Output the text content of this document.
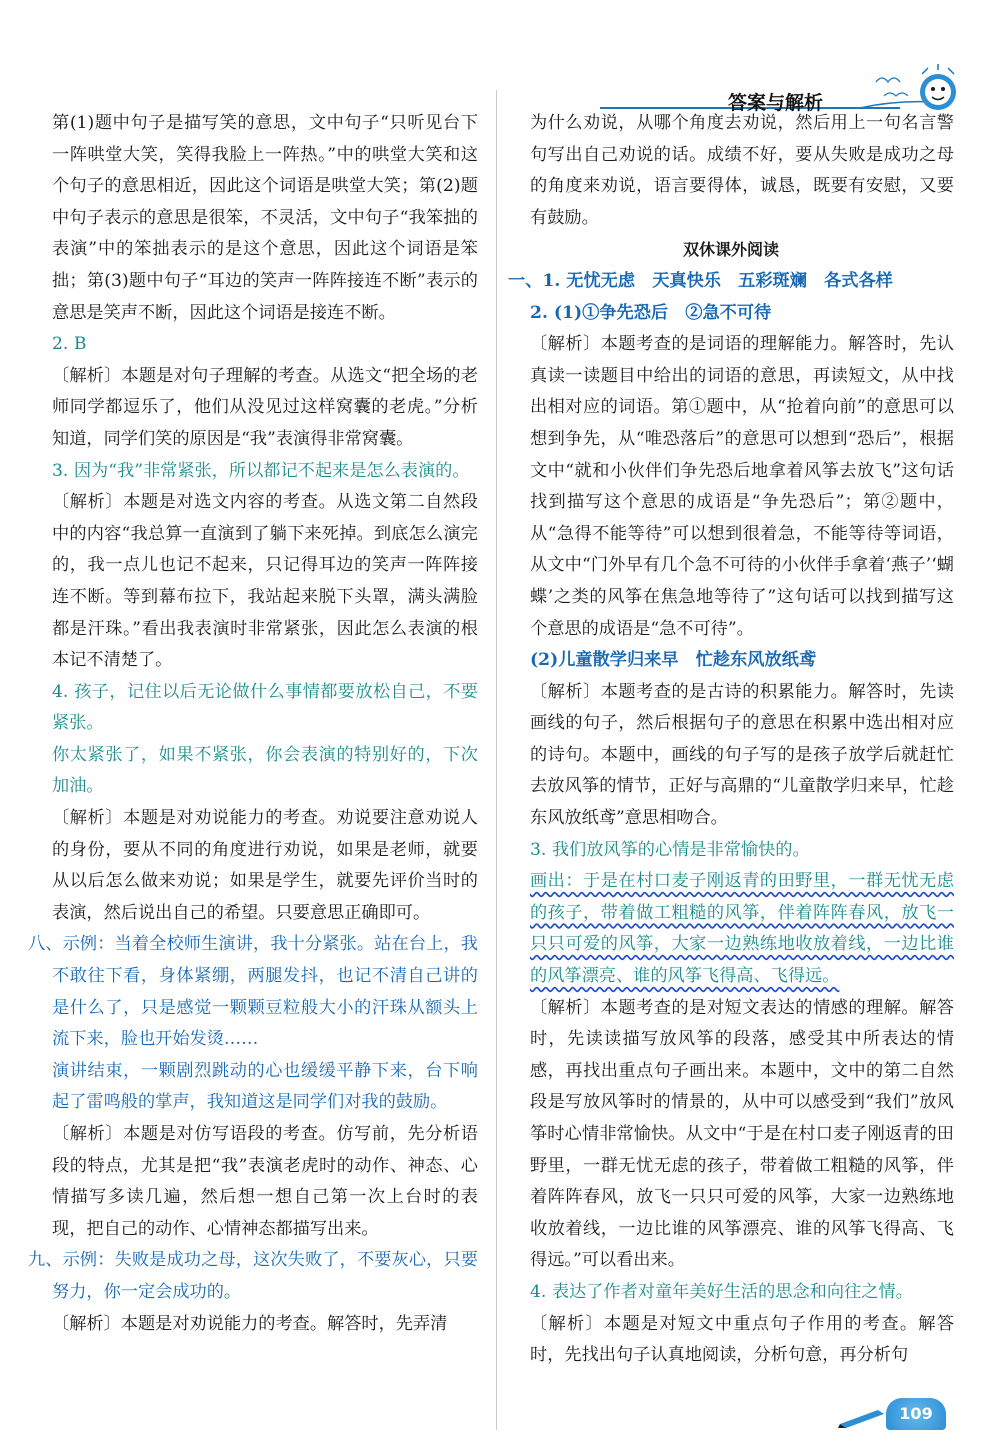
答案与解析

第(1)题中句子是描写笑的意思，文中句子“只听见台下一阵哄堂大笑，笑得我脸上一阵热。”中的哄堂大笑和这个句子的意思相近，因此这个词语是哄堂大笑；第(2)题中句子表示的意思是很笨，不灵活，文中句子“我笨拙的表演”中的笨拙表示的是这个意思，因此这个词语是笨拙；第(3)题中句子“耳边的笑声一阵阵接连不断”表示的意思是笑声不断，因此这个词语是接连不断。

2. B

〔解析〕本题是对句子理解的考查。从选文“把全场的老师同学都逗乐了，他们从没见过这样窝囊的老虎。”分析知道，同学们笑的原因是“我”表演得非常窝囊。

3. 因为“我”非常紧张，所以都记不起来是怎么表演的。

〔解析〕本题是对选文内容的考查。从选文第二自然段中的内容“我总算一直演到了躺下来死掉。到底怎么演完的，我一点儿也记不起来，只记得耳边的笑声一阵阵接连不断。等到幕布拉下，我站起来脱下头罩，满头满脸都是汗珠。”看出我表演时非常紧张，因此怎么表演的根本记不清楚了。

4. 孩子，记住以后无论做什么事情都要放松自己，不要紧张。

你太紧张了，如果不紧张，你会表演的特别好的，下次加油。

〔解析〕本题是对劝说能力的考查。劝说要注意劝说人的身份，要从不同的角度进行劝说，如果是老师，就要从以后怎么做来劝说；如果是学生，就要先评价当时的表演，然后说出自己的希望。只要意思正确即可。

八、示例：当着全校师生演讲，我十分紧张。站在台上，我不敢往下看，身体紧绷，两腿发抖，也记不清自己讲的是什么了，只是感觉一颗颗豆粒般大小的汗珠从额头上流下来，脸也开始发烫……

演讲结束，一颗剧烈跳动的心也缓缓平静下来，台下响起了雷鸣般的掌声，我知道这是同学们对我的鼓励。

〔解析〕本题是对仿写语段的考查。仿写前，先分析语段的特点，尤其是把“我”表演老虎时的动作、神态、心情描写多读几遍，然后想一想自己第一次上台时的表现，把自己的动作、心情神态都描写出来。

九、示例：失败是成功之母，这次失败了，不要灰心，只要努力，你一定会成功的。

〔解析〕本题是对劝说能力的考查。解答时，先弄清

为什么劝说，从哪个角度去劝说，然后用上一句名言警句写出自己劝说的话。成绩不好，要从失败是成功之母的角度来劝说，语言要得体，诚恳，既要有安慰，又要有鼓励。

双休课外阅读

一、1. 无忧无虑　天真快乐　五彩斑斓　各式各样

2. (1)①争先恐后　②急不可待

〔解析〕本题考查的是词语的理解能力。解答时，先认真读一读题目中给出的词语的意思，再读短文，从中找出相对应的词语。第①题中，从“抢着向前”的意思可以想到争先，从“唯恐落后”的意思可以想到“恐后”，根据文中“就和小伙伴们争先恐后地拿着风筝去放飞”这句话找到描写这个意思的成语是“争先恐后”；第②题中，从“急得不能等待”可以想到很着急，不能等待等词语，从文中“门外早有几个急不可待的小伙伴手拿着‘燕子’‘蝴蝶’之类的风筝在焦急地等待了”这句话可以找到描写这个意思的成语是“急不可待”。

(2)儿童散学归来早　忙趁东风放纸鸢

〔解析〕本题考查的是古诗的积累能力。解答时，先读画线的句子，然后根据句子的意思在积累中选出相对应的诗句。本题中，画线的句子写的是孩子放学后就赶忙去放风筝的情节，正好与高鼎的“儿童散学归来早，忙趁东风放纸鸢”意思相吻合。

3. 我们放风筝的心情是非常愉快的。

画出：于是在村口麦子刚返青的田野里，一群无忧无虑的孩子，带着做工粗糙的风筝，伴着阵阵春风，放飞一只只可爱的风筝，大家一边熟练地收放着线，一边比谁的风筝漂亮、谁的风筝飞得高、飞得远。

〔解析〕本题考查的是对短文表达的情感的理解。解答时，先读读描写放风筝的段落，感受其中所表达的情感，再找出重点句子画出来。本题中，文中的第二自然段是写放风筝时的情景的，从中可以感受到“我们”放风筝时心情非常愉快。从文中“于是在村口麦子刚返青的田野里，一群无忧无虑的孩子，带着做工粗糙的风筝，伴着阵阵春风，放飞一只只可爱的风筝，大家一边熟练地收放着线，一边比谁的风筝漂亮、谁的风筝飞得高、飞得远。”可以看出来。

4. 表达了作者对童年美好生活的思念和向往之情。

〔解析〕本题是对短文中重点句子作用的考查。解答时，先找出句子认真地阅读，分析句意，再分析句

109
